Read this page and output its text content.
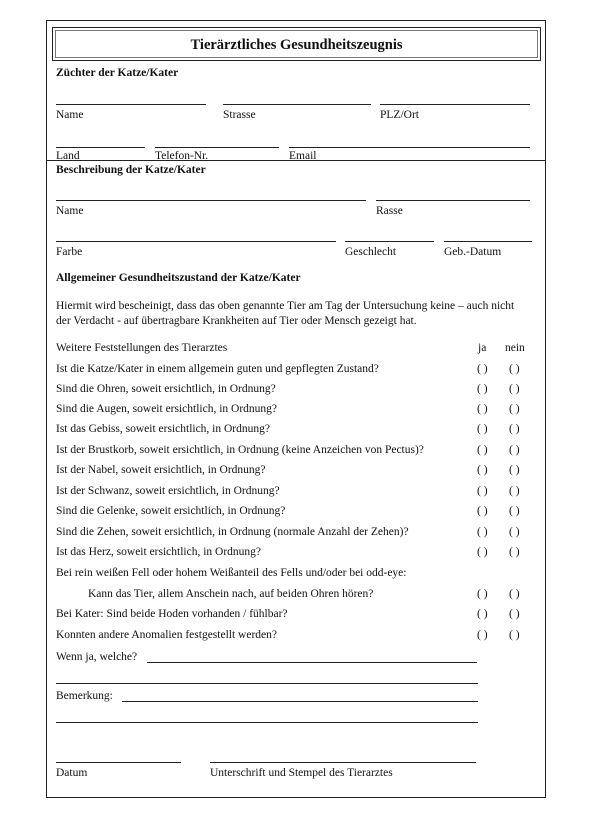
Tierärztliches Gesundheitszeugnis
Züchter der Katze/Kater
Name	Strasse	PLZ/Ort
Land	Telefon-Nr.	Email
Beschreibung der Katze/Kater
Name	Rasse
Farbe	Geschlecht	Geb.-Datum
Allgemeiner Gesundheitszustand der Katze/Kater
Hiermit wird bescheinigt, dass das oben genannte Tier am Tag der Untersuchung keine – auch nicht
der Verdacht - auf übertragbare Krankheiten auf Tier oder Mensch gezeigt hat.
Weitere Feststellungen des Tierarztes	ja nein
Ist die Katze/Kater in einem allgemein guten und gepflegten Zustand?	( ) ( )
Sind die Ohren, soweit ersichtlich, in Ordnung?	( ) ( )
Sind die Augen, soweit ersichtlich, in Ordnung?	( ) ( )
Ist das Gebiss, soweit ersichtlich, in Ordnung?	( ) ( )
Ist der Brustkorb, soweit ersichtlich, in Ordnung (keine Anzeichen von Pectus)?	( ) ( )
Ist der Nabel, soweit ersichtlich, in Ordnung?	( ) ( )
Ist der Schwanz, soweit ersichtlich, in Ordnung?	( ) ( )
Sind die Gelenke, soweit ersichtlich, in Ordnung?	( ) ( )
Sind die Zehen, soweit ersichtlich, in Ordnung (normale Anzahl der Zehen)?	( ) ( )
Ist das Herz, soweit ersichtlich, in Ordnung?	( ) ( )
Bei rein weißen Fell oder hohem Weißanteil des Fells und/oder bei odd-eye:
Kann das Tier, allem Anschein nach, auf beiden Ohren hören?	( ) ( )
Bei Kater: Sind beide Hoden vorhanden / fühlbar?	( ) ( )
Konnten andere Anomalien festgestellt werden?	( ) ( )
Wenn ja, welche?
Bemerkung:
Datum	Unterschrift und Stempel des Tierarztes
